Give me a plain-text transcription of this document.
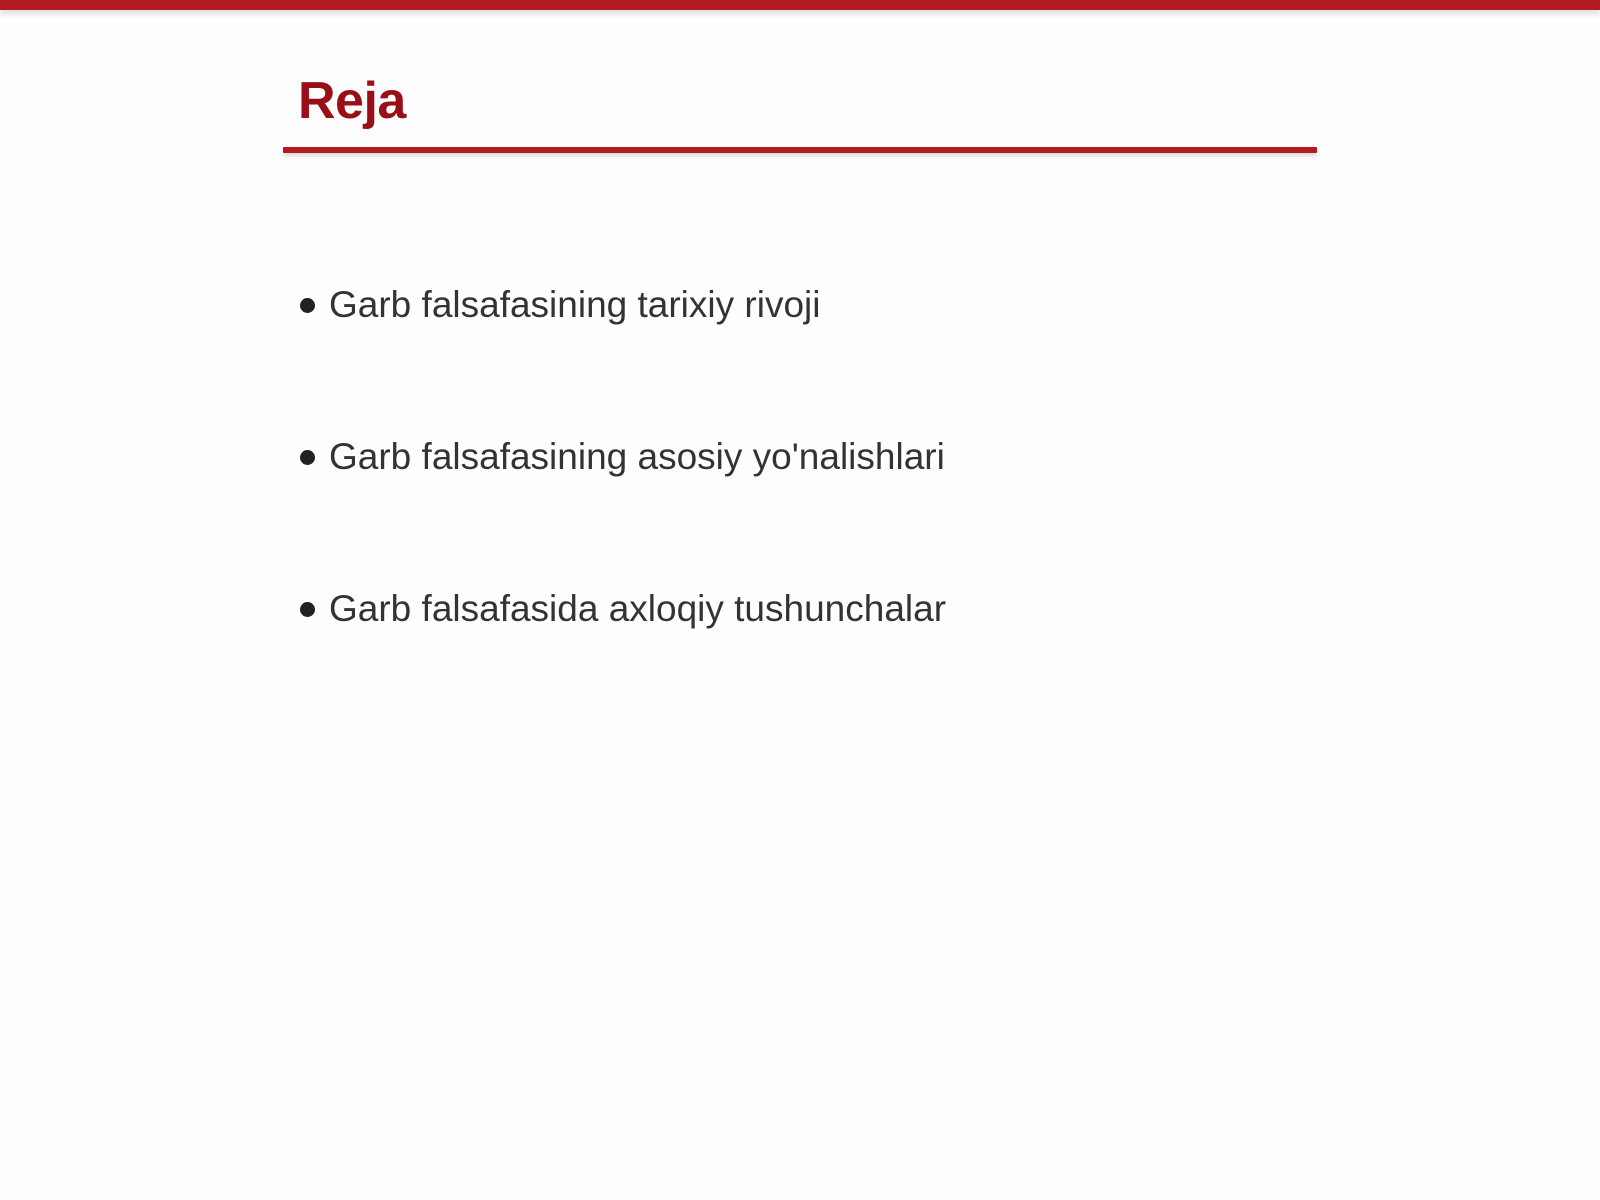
Reja
Garb falsafasining tarixiy rivoji
Garb falsafasining asosiy yo'nalishlari
Garb falsafasida axloqiy tushunchalar
